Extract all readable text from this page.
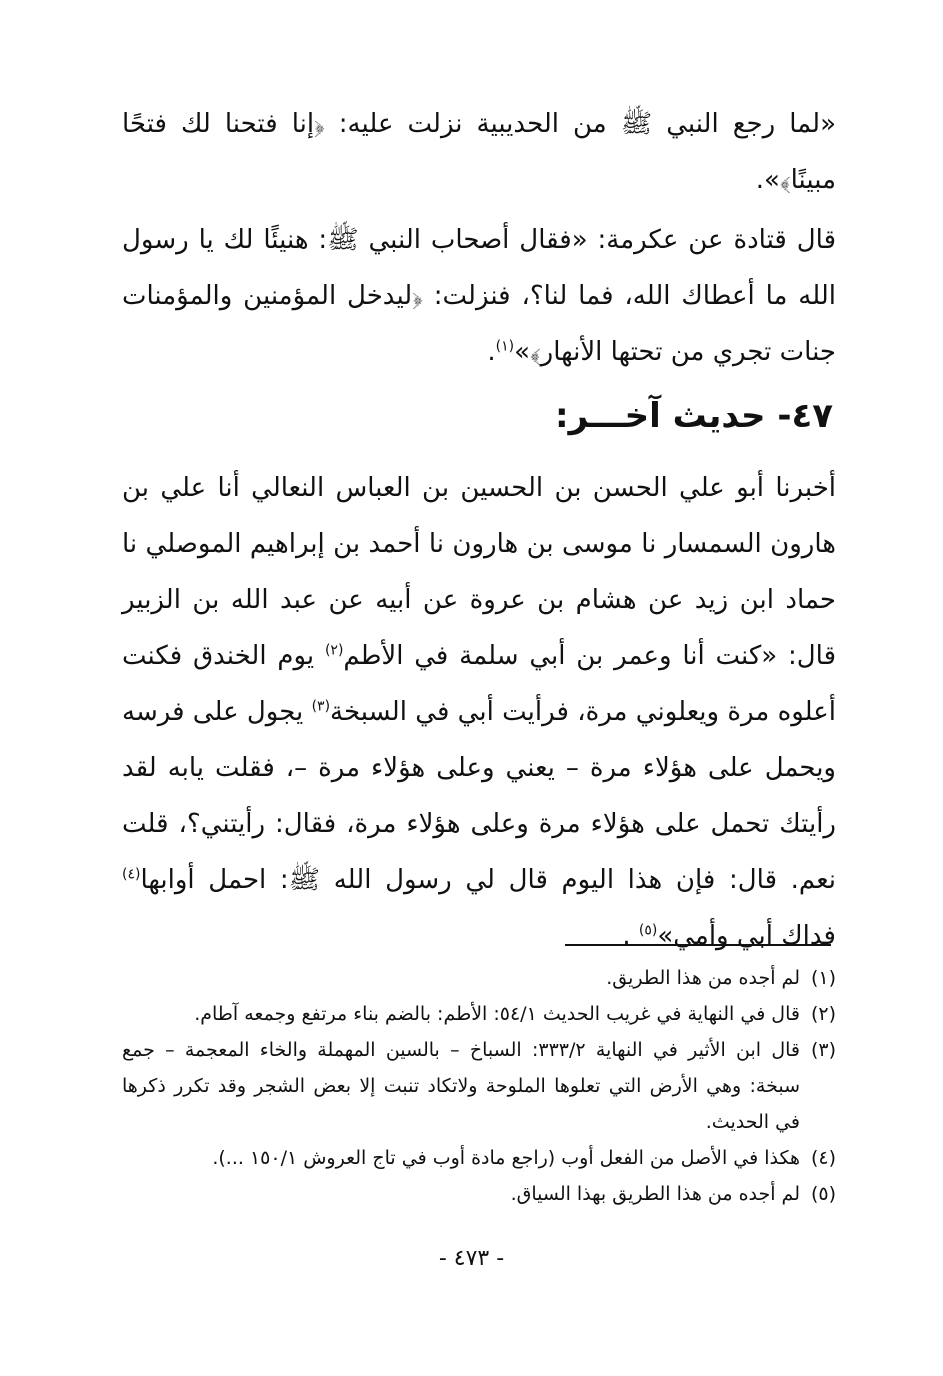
«لما رجع النبي ﷺ من الحديبية نزلت عليه: ﴿إنا فتحنا لك فتحًا مبينًا﴾».

قال قتادة عن عكرمة: «فقال أصحاب النبي ﷺ: هنيئًا لك يا رسول الله ما أعطاك الله، فما لنا؟، فنزلت: ﴿ليدخل المؤمنين والمؤمنات جنات تجري من تحتها الأنهار﴾»$^{(١)}$.

٤٧- حديث آخـــر:

أخبرنا أبو علي الحسن بن الحسين بن العباس النعالي أنا علي بن هارون السمسار نا موسى بن هارون نا أحمد بن إبراهيم الموصلي نا حماد ابن زيد عن هشام بن عروة عن أبيه عن عبد الله بن الزبير قال: «كنت أنا وعمر بن أبي سلمة في الأطم$^{(٢)}$ يوم الخندق فكنت أعلوه مرة ويعلوني مرة، فرأيت أبي في السبخة$^{(٣)}$ يجول على فرسه ويحمل على هؤلاء مرة – يعني وعلى هؤلاء مرة –، فقلت يابه لقد رأيتك تحمل على هؤلاء مرة وعلى هؤلاء مرة، فقال: رأيتني؟، قلت نعم. قال: فإن هذا اليوم قال لي رسول الله ﷺ: احمل أوابها$^{(٤)}$ فداك أبي وأمي»$^{(٥)}$ .

(١)
لم أجده من هذا الطريق.
(٢)
قال في النهاية في غريب الحديث ٥٤/١: الأطم: بالضم بناء مرتفع وجمعه آطام.
(٣)
قال ابن الأثير في النهاية ٣٣٣/٢: السباخ – بالسين المهملة والخاء المعجمة – جمع سبخة: وهي الأرض التي تعلوها الملوحة ولاتكاد تنبت إلا بعض الشجر وقد تكرر ذكرها في الحديث.
(٤)
هكذا في الأصل من الفعل أوب (راجع مادة أوب في تاج العروش ١٥٠/١ ...).
(٥)
لم أجده من هذا الطريق بهذا السياق.
- ٤٧٣ -
